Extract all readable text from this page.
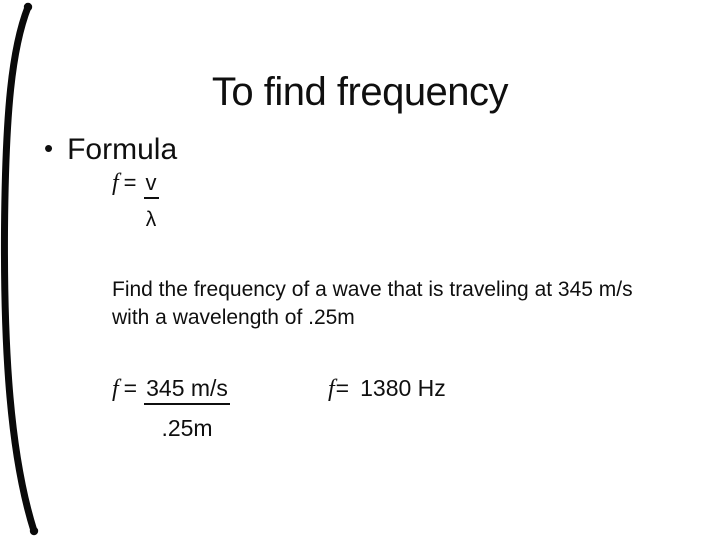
To find frequency
• Formula
$f = \frac{v}{\lambda}$

Find the frequency of a wave that is traveling at 345 m/s
with a wavelength of .25m

$f = \frac{345 m/s}{.25m}$	f= 1380 Hz
